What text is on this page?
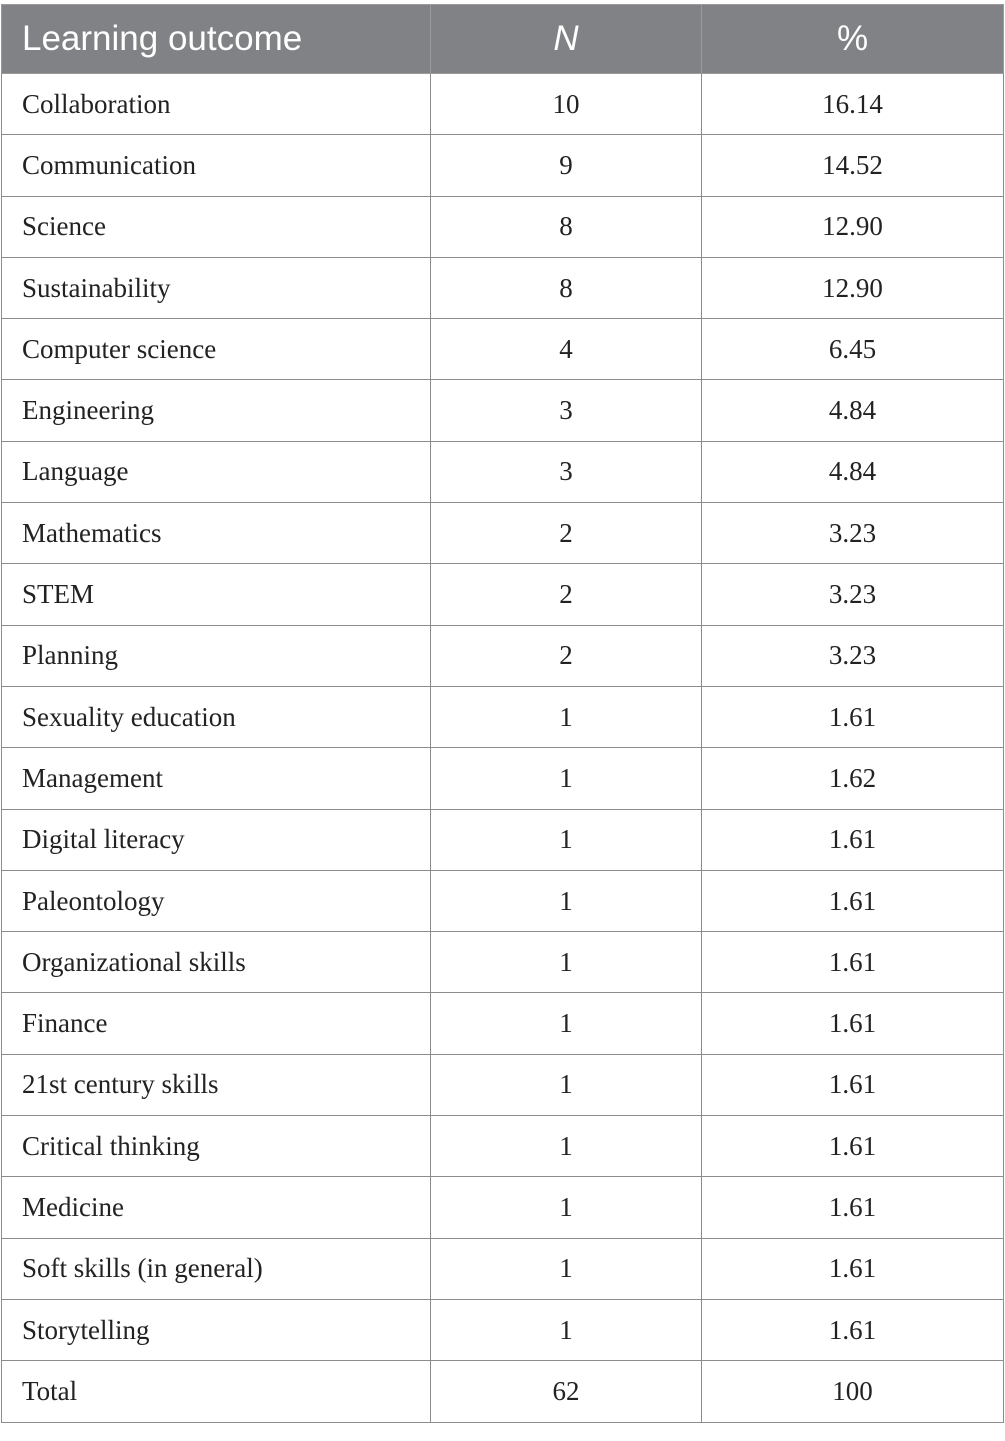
Learning outcome	N	%
Collaboration	10	16.14
Communication	9	14.52
Science	8	12.90
Sustainability	8	12.90
Computer science	4	6.45
Engineering	3	4.84
Language	3	4.84
Mathematics	2	3.23
STEM	2	3.23
Planning	2	3.23
Sexuality education	1	1.61
Management	1	1.62
Digital literacy	1	1.61
Paleontology	1	1.61
Organizational skills	1	1.61
Finance	1	1.61
21st century skills	1	1.61
Critical thinking	1	1.61
Medicine	1	1.61
Soft skills (in general)	1	1.61
Storytelling	1	1.61
Total	62	100
